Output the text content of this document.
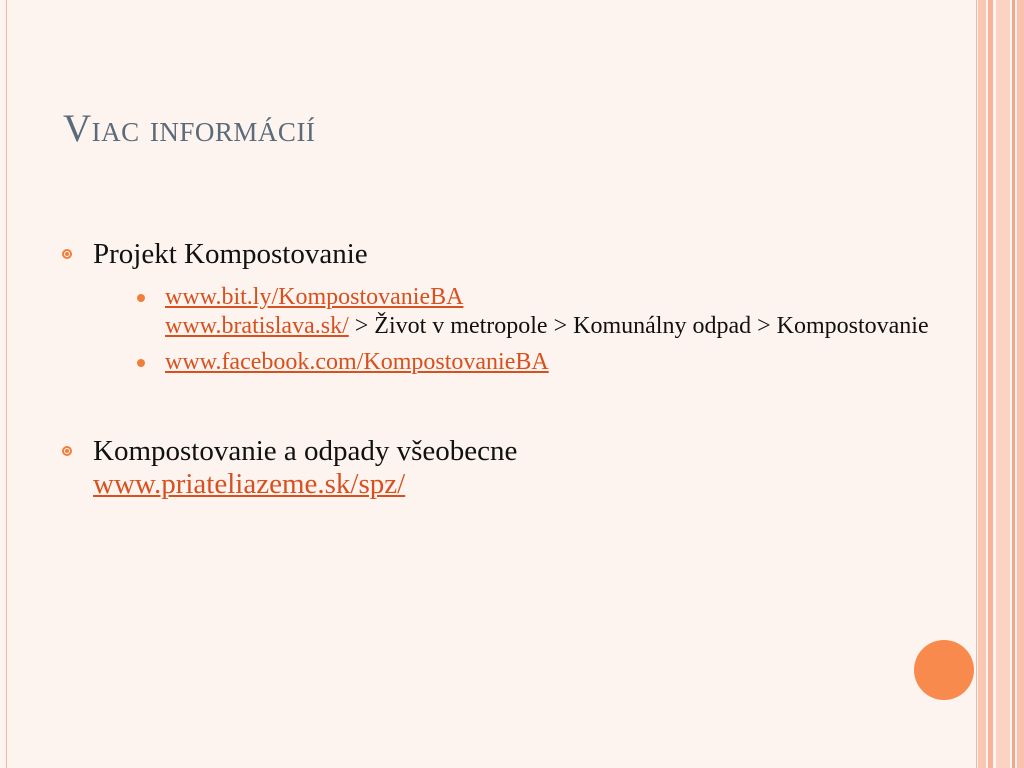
Viac informácií
Projekt Kompostovanie
www.bit.ly/KompostovanieBA
www.bratislava.sk/ > Život v metropole > Komunálny odpad > Kompostovanie
www.facebook.com/KompostovanieBA
Kompostovanie a odpady všeobecne
www.priateliazeme.sk/spz/
